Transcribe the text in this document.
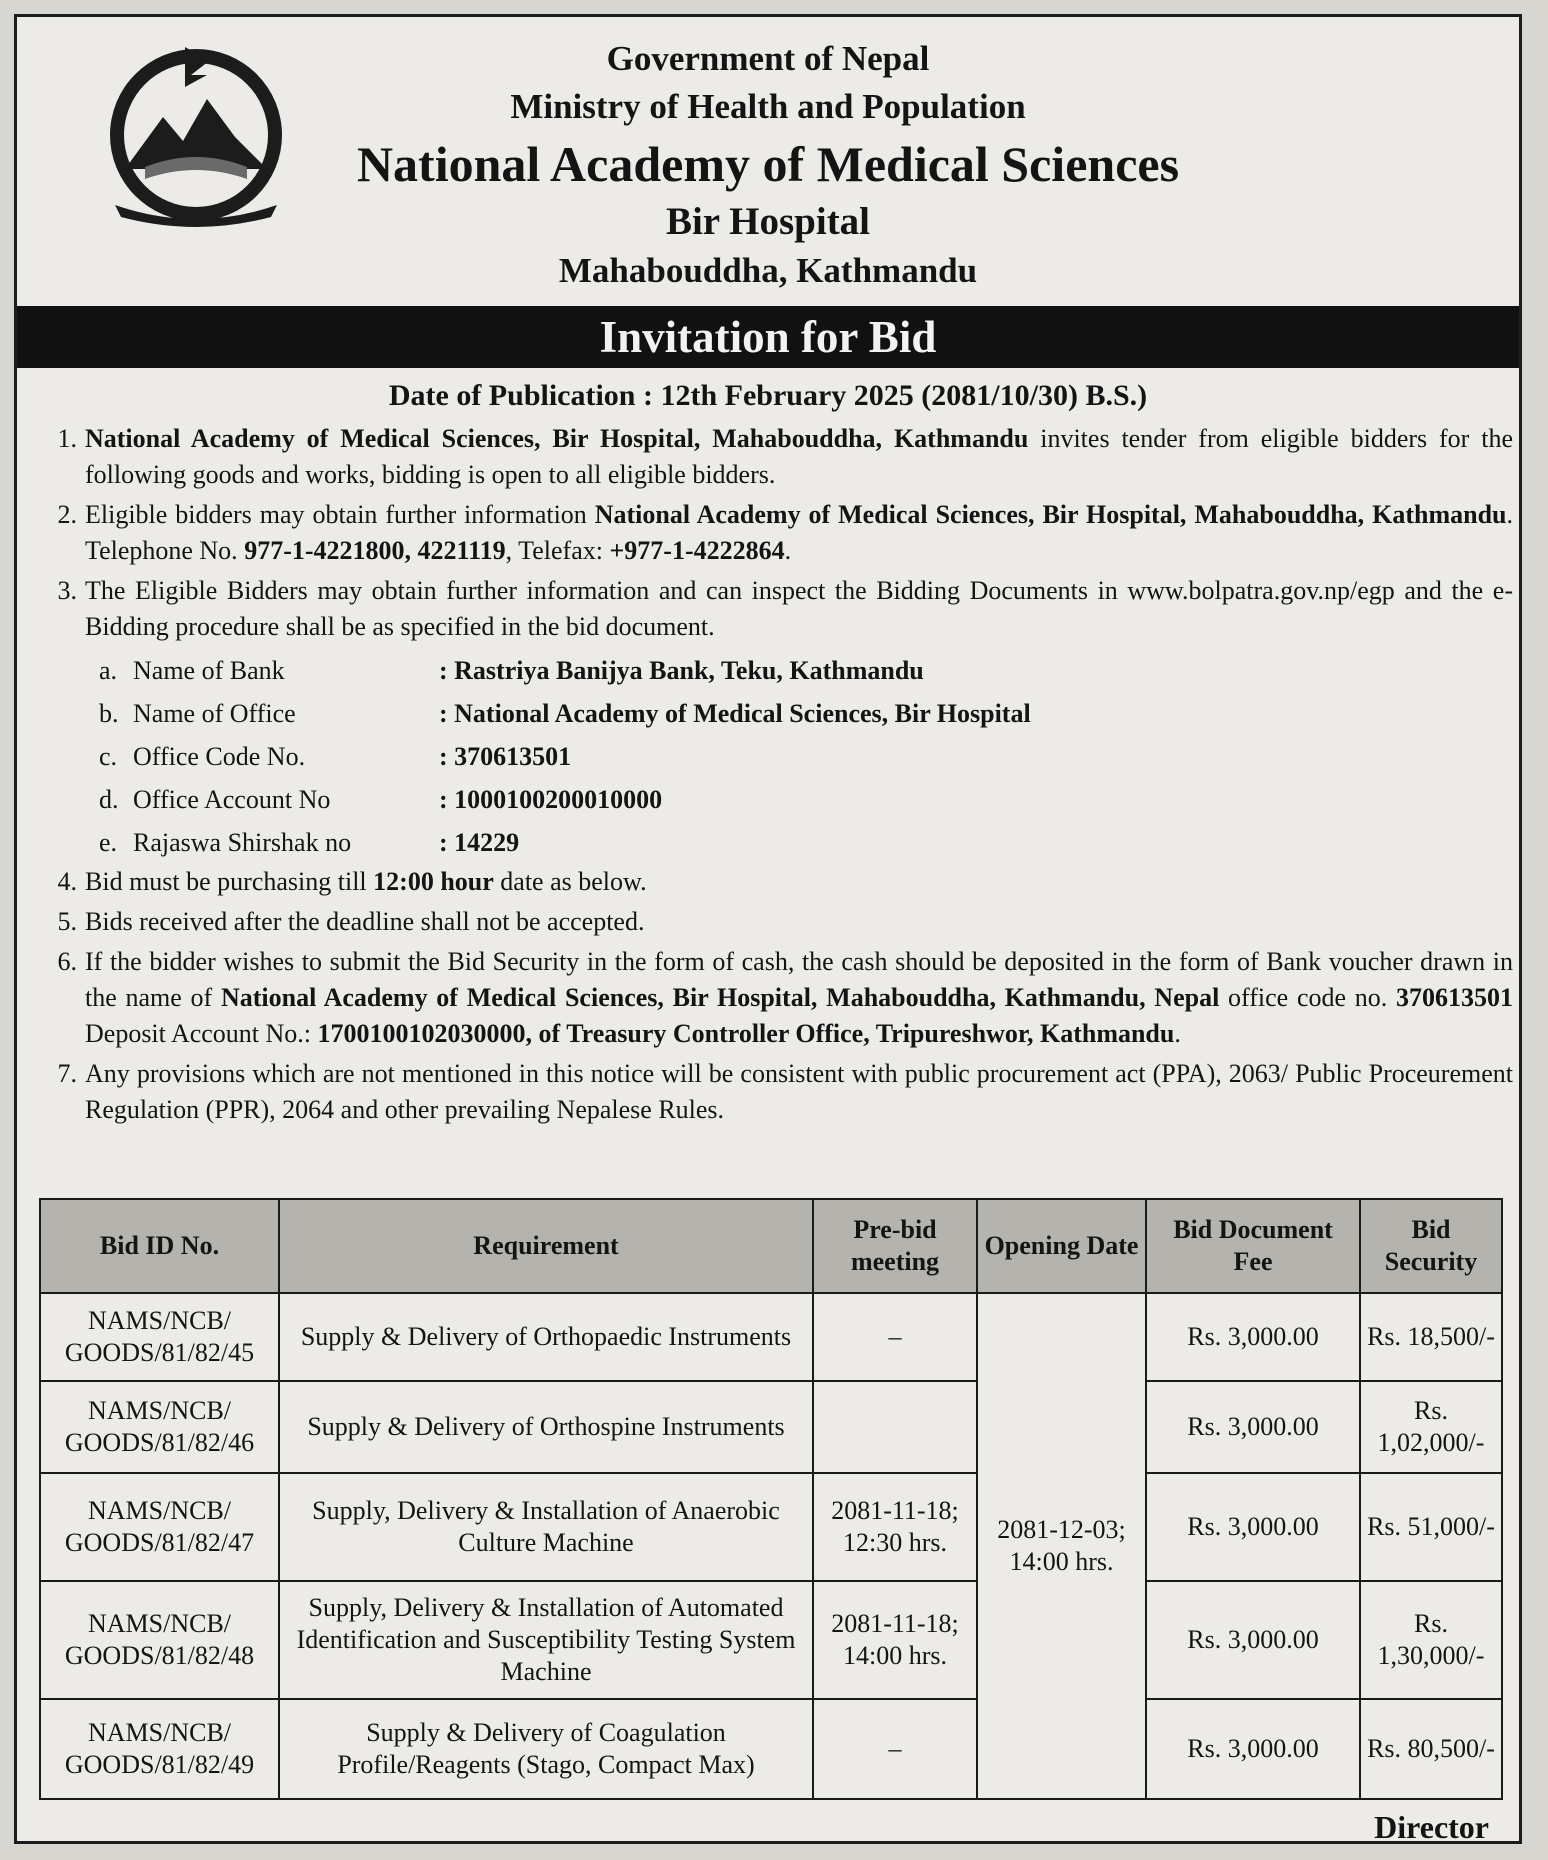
Government of Nepal
Ministry of Health and Population
National Academy of Medical Sciences
Bir Hospital
Mahabouddha, Kathmandu
Invitation for Bid
Date of Publication : 12th February 2025 (2081/10/30) B.S.)
1. National Academy of Medical Sciences, Bir Hospital, Mahabouddha, Kathmandu invites tender from eligible bidders for the following goods and works, bidding is open to all eligible bidders.
2. Eligible bidders may obtain further information National Academy of Medical Sciences, Bir Hospital, Mahabouddha, Kathmandu. Telephone No. 977-1-4221800, 4221119, Telefax: +977-1-4222864.
3. The Eligible Bidders may obtain further information and can inspect the Bidding Documents in www.bolpatra.gov.np/egp and the e-Bidding procedure shall be as specified in the bid document.
a. Name of Bank	: Rastriya Banijya Bank, Teku, Kathmandu
b. Name of Office	: National Academy of Medical Sciences, Bir Hospital
c. Office Code No.	: 370613501
d. Office Account No	: 1000100200010000
e. Rajaswa Shirshak no	: 14229
4. Bid must be purchasing till 12:00 hour date as below.
5. Bids received after the deadline shall not be accepted.
6. If the bidder wishes to submit the Bid Security in the form of cash, the cash should be deposited in the form of Bank voucher drawn in the name of National Academy of Medical Sciences, Bir Hospital, Mahabouddha, Kathmandu, Nepal office code no. 370613501 Deposit Account No.: 1700100102030000, of Treasury Controller Office, Tripureshwor, Kathmandu.
7. Any provisions which are not mentioned in this notice will be consistent with public procurement act (PPA), 2063/ Public Proceurement Regulation (PPR), 2064 and other prevailing Nepalese Rules.
Bid ID No.	Requirement	Pre-bid meeting	Opening Date	Bid Document Fee	Bid Security
NAMS/NCB/ GOODS/81/82/45	Supply & Delivery of Orthopaedic Instruments	–	2081-12-03; 14:00 hrs.	Rs. 3,000.00	Rs. 18,500/-
NAMS/NCB/ GOODS/81/82/46	Supply & Delivery of Orthospine Instruments			Rs. 3,000.00	Rs. 1,02,000/-
NAMS/NCB/ GOODS/81/82/47	Supply, Delivery & Installation of Anaerobic Culture Machine	2081-11-18; 12:30 hrs.		Rs. 3,000.00	Rs. 51,000/-
NAMS/NCB/ GOODS/81/82/48	Supply, Delivery & Installation of Automated Identification and Susceptibility Testing System Machine	2081-11-18; 14:00 hrs.		Rs. 3,000.00	Rs. 1,30,000/-
NAMS/NCB/ GOODS/81/82/49	Supply & Delivery of Coagulation Profile/Reagents (Stago, Compact Max)	–		Rs. 3,000.00	Rs. 80,500/-
Director
